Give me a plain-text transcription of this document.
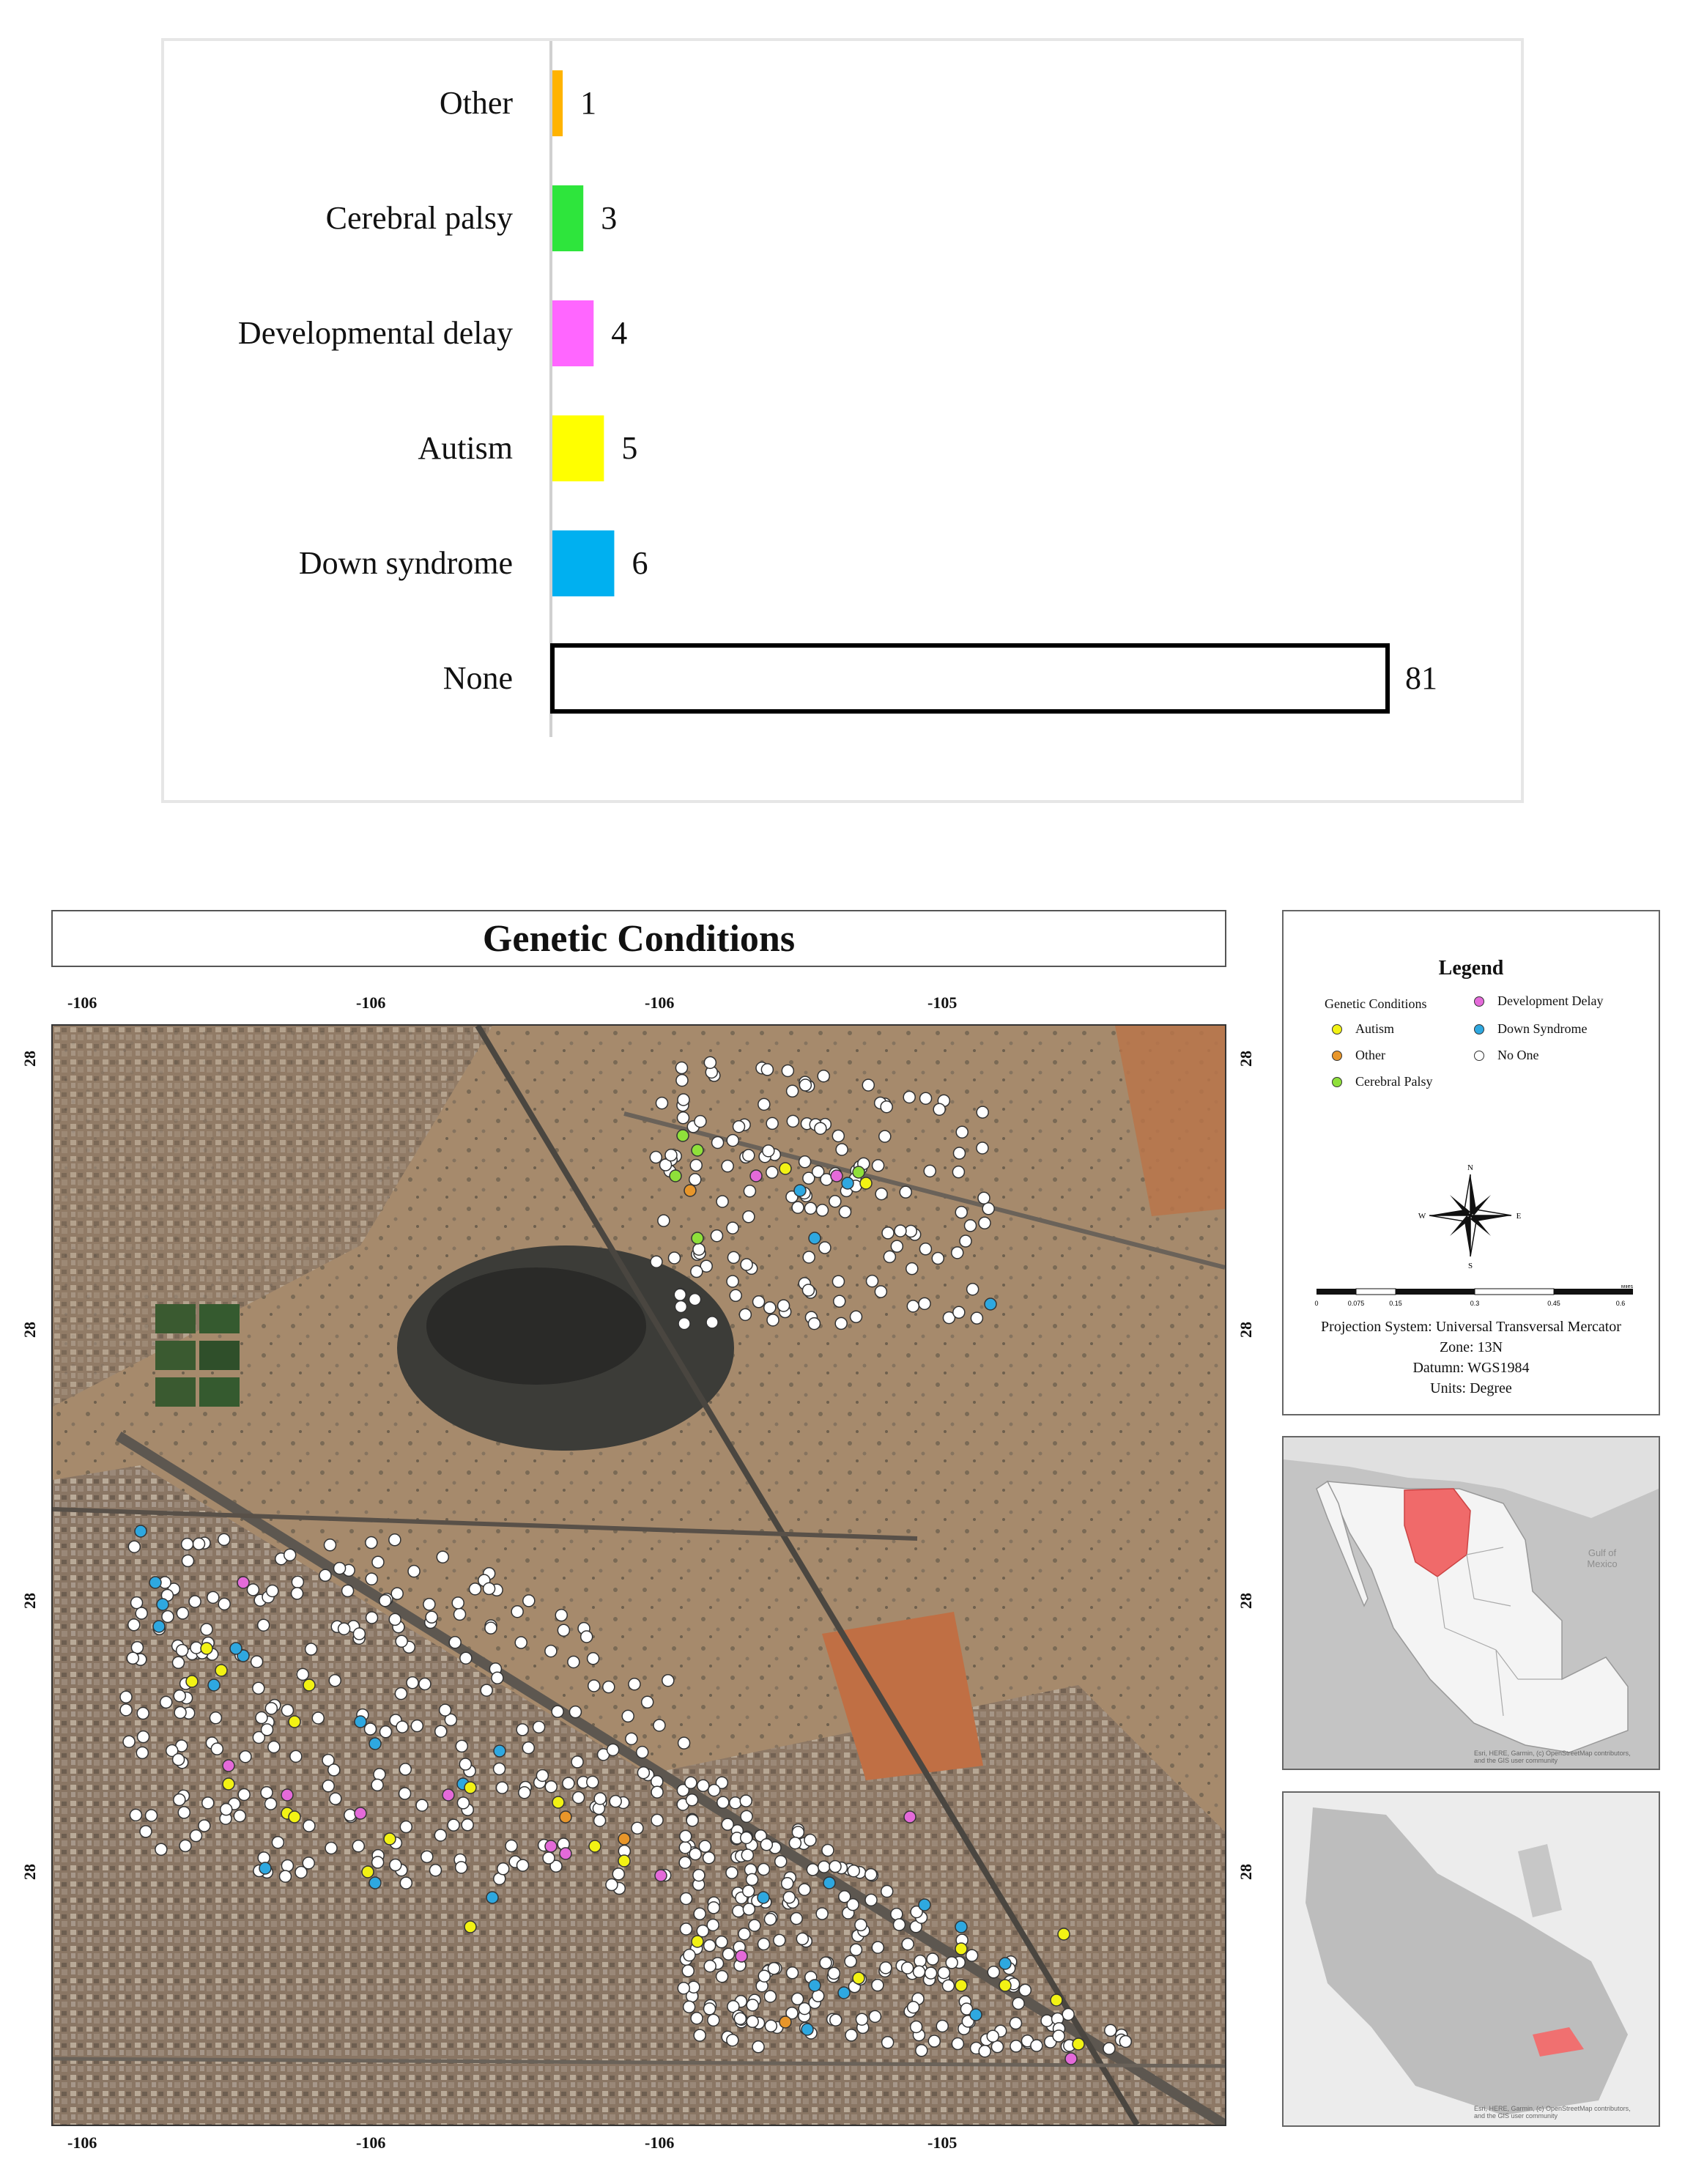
Other 1
Cerebral palsy	3
Developmental delay	4
Autism	5
Down syndrome	6
None	81
Genetic Conditions
-106	-106	-106	-105
-106	-106	-106	-105
28
28
28
28
28
28
28
28
Legend
Genetic Conditions
Autism
Other
Cerebral Palsy
Development Delay
Down Syndrome
No One
N
S
E
W
0	0.075	0.15	0.3	0.45	0.6
Miles
Projection System: Universal Transversal Mercator
Zone: 13N
Datumn: WGS1984
Units: Degree
Gulf of Mexico
Esri, HERE, Garmin, (c) OpenStreetMap contributors, and the GIS user community
Esri, HERE, Garmin, (c) OpenStreetMap contributors, and the GIS user community
